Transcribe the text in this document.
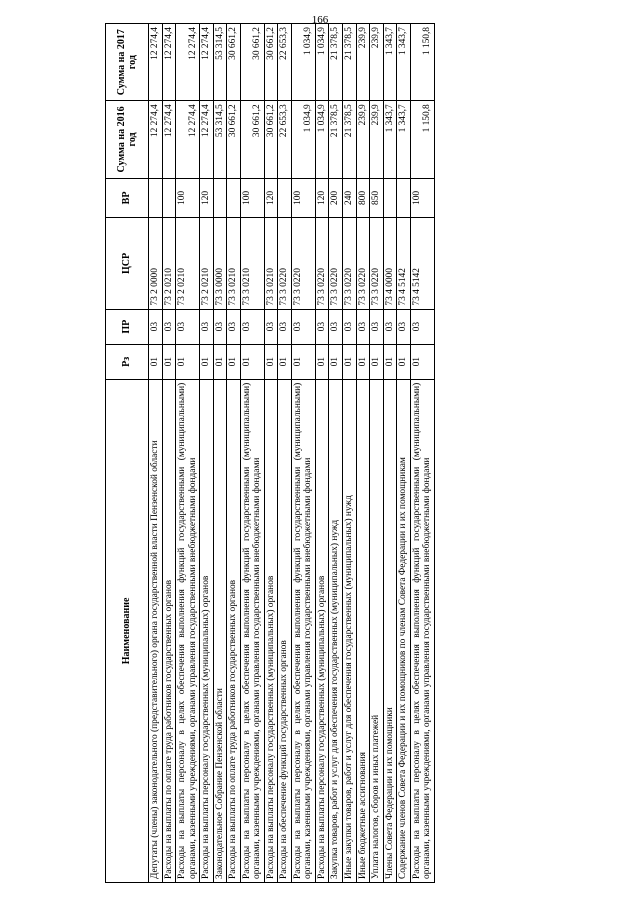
166
Наименование	Рз	ПР	ЦСР	ВР	Сумма на 2016 год	Сумма на 2017 год
Депутаты (члены) законодательного (представительного) органа государственной власти Пензенской области	01	03	73 2 0000		12 274,4	12 274,4
Расходы на выплаты по оплате труда работников государственных органов	01	03	73 2 0210		12 274,4	12 274,4
Расходы на выплаты персоналу в целях обеспечения выполнения функций государственными (муниципальными) органами, казенными учреждениями, органами управления государственными внебюджетными фондами	01	03	73 2 0210	100	12 274,4	12 274,4
Расходы на выплаты персоналу государственных (муниципальных) органов	01	03	73 2 0210	120	12 274,4	12 274,4
Законодательное Собрание Пензенской области	01	03	73 3 0000		53 314,5	53 314,5
Расходы на выплаты по оплате труда работников государственных органов	01	03	73 3 0210		30 661,2	30 661,2
Расходы на выплаты персоналу в целях обеспечения выполнения функций государственными (муниципальными) органами, казенными учреждениями, органами управления государственными внебюджетными фондами	01	03	73 3 0210	100	30 661,2	30 661,2
Расходы на выплаты персоналу государственных (муниципальных) органов	01	03	73 3 0210	120	30 661,2	30 661,2
Расходы на обеспечение функций государственных органов	01	03	73 3 0220		22 653,3	22 653,3
Расходы на выплаты персоналу в целях обеспечения выполнения функций государственными (муниципальными) органами, казенными учреждениями, органами управления государственными внебюджетными фондами	01	03	73 3 0220	100	1 034,9	1 034,9
Расходы на выплаты персоналу государственных (муниципальных) органов	01	03	73 3 0220	120	1 034,9	1 034,9
Закупка товаров, работ и услуг для обеспечения государственных (муниципальных) нужд	01	03	73 3 0220	200	21 378,5	21 378,5
Иные закупки товаров, работ и услуг для обеспечения государственных (муниципальных) нужд	01	03	73 3 0220	240	21 378,5	21 378,5
Иные бюджетные ассигнования	01	03	73 3 0220	800	239,9	239,9
Уплата налогов, сборов и иных платежей	01	03	73 3 0220	850	239,9	239,9
Члены Совета Федерации и их помощники	01	03	73 4 0000		1 343,7	1 343,7
Содержание членов Совета Федерации и их помощников по членам Совета Федерации и их помощникам	01	03	73 4 5142		1 343,7	1 343,7
Расходы на выплаты персоналу в целях обеспечения выполнения функций государственными (муниципальными) органами, казенными учреждениями, органами управления государственными внебюджетными фондами	01	03	73 4 5142	100	1 150,8	1 150,8
